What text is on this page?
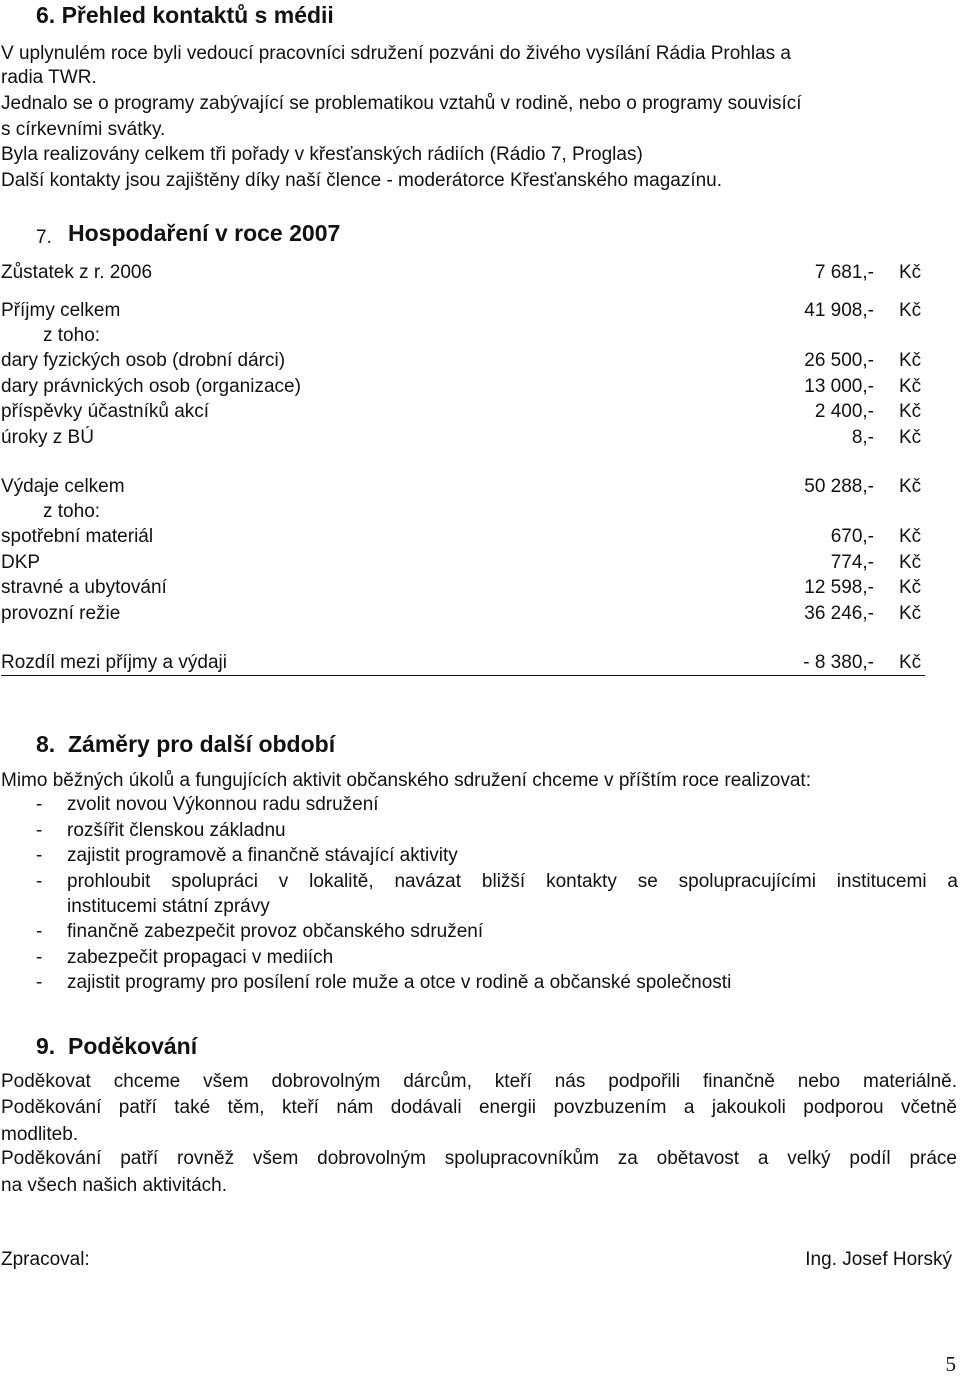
6. Přehled kontaktů s médii
V uplynulém roce byli vedoucí pracovníci sdružení pozváni do živého vysílání Rádia Prohlas a
radia TWR.
Jednalo se o programy zabývající se problematikou vztahů v rodině, nebo o programy souvisící
s církevními svátky.
Byla realizovány celkem tři pořady v křesťanských rádiích (Rádio 7, Proglas)
Další kontakty jsou zajištěny díky naší člence - moderátorce Křesťanského magazínu.
7. Hospodaření v roce 2007
Zůstatek z r. 2006	7 681,- Kč
Příjmy celkem	41 908,- Kč
z toho:
dary fyzických osob (drobní dárci)	26 500,- Kč
dary právnických osob (organizace)	13 000,- Kč
příspěvky účastníků akcí	2 400,- Kč
úroky z BÚ	8,- Kč
Výdaje celkem	50 288,- Kč
z toho:
spotřební materiál	670,- Kč
DKP	774,- Kč
stravné a ubytování	12 598,- Kč
provozní režie	36 246,- Kč
Rozdíl mezi příjmy a výdaji	- 8 380,- Kč
8. Záměry pro další období
Mimo běžných úkolů a fungujících aktivit občanského sdružení chceme v příštím roce realizovat:
- zvolit novou Výkonnou radu sdružení
- rozšířit členskou základnu
- zajistit programově a finančně stávající aktivity
- prohloubit spolupráci v lokalitě, navázat bližší kontakty se spolupracujícími institucemi a
institucemi státní zprávy
- finančně zabezpečit provoz občanského sdružení
- zabezpečit propagaci v mediích
- zajistit programy pro posílení role muže a otce v rodině a občanské společnosti
9. Poděkování
Poděkovat chceme všem dobrovolným dárcům, kteří nás podpořili finančně nebo materiálně.
Poděkování patří také těm, kteří nám dodávali energii povzbuzením a jakoukoli podporou včetně
modliteb.
Poděkování patří rovněž všem dobrovolným spolupracovníkům za obětavost a velký podíl práce
na všech našich aktivitách.
Zpracoval:	Ing. Josef Horský
5
